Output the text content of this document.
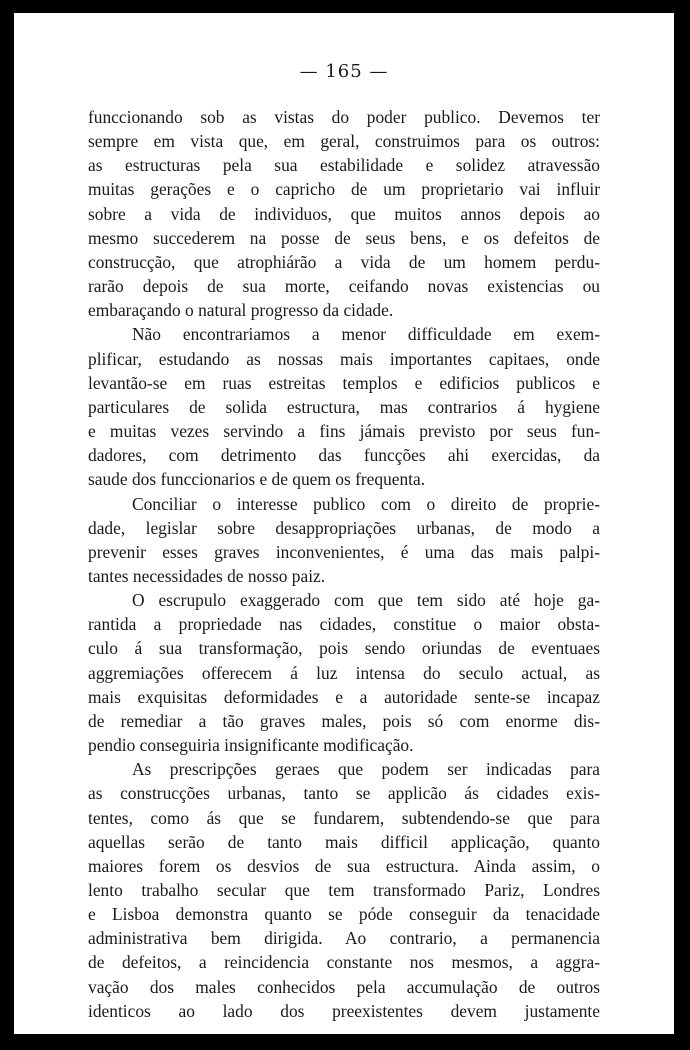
— 165 —
funccionando sob as vistas do poder publico. Devemos ter
sempre em vista que, em geral, construimos para os outros:
as estructuras pela sua estabilidade e solidez atravessão
muitas gerações e o capricho de um proprietario vai influir
sobre a vida de individuos, que muitos annos depois ao
mesmo succederem na posse de seus bens, e os defeitos de
construcção, que atrophiárão a vida de um homem perdu-
rarão depois de sua morte, ceifando novas existencias ou
embaraçando o natural progresso da cidade.
Não encontrariamos a menor difficuldade em exem-
plificar, estudando as nossas mais importantes capitaes, onde
levantão-se em ruas estreitas templos e edificios publicos e
particulares de solida estructura, mas contrarios á hygiene
e muitas vezes servindo a fins jámais previsto por seus fun-
dadores, com detrimento das funcções ahi exercidas, da
saude dos funccionarios e de quem os frequenta.
Conciliar o interesse publico com o direito de proprie-
dade, legislar sobre desappropriações urbanas, de modo a
prevenir esses graves inconvenientes, é uma das mais palpi-
tantes necessidades de nosso paiz.
O escrupulo exaggerado com que tem sido até hoje ga-
rantida a propriedade nas cidades, constitue o maior obsta-
culo á sua transformação, pois sendo oriundas de eventuaes
aggremiações offerecem á luz intensa do seculo actual, as
mais exquisitas deformidades e a autoridade sente-se incapaz
de remediar a tão graves males, pois só com enorme dis-
pendio conseguiria insignificante modificação.
As prescripções geraes que podem ser indicadas para
as construcções urbanas, tanto se applicão ás cidades exis-
tentes, como ás que se fundarem, subtendendo-se que para
aquellas serão de tanto mais difficil applicação, quanto
maiores forem os desvios de sua estructura. Ainda assim, o
lento trabalho secular que tem transformado Pariz, Londres
e Lisboa demonstra quanto se póde conseguir da tenacidade
administrativa bem dirigida. Ao contrario, a permanencia
de defeitos, a reincidencia constante nos mesmos, a aggra-
vação dos males conhecidos pela accumulação de outros
identicos ao lado dos preexistentes devem justamente
